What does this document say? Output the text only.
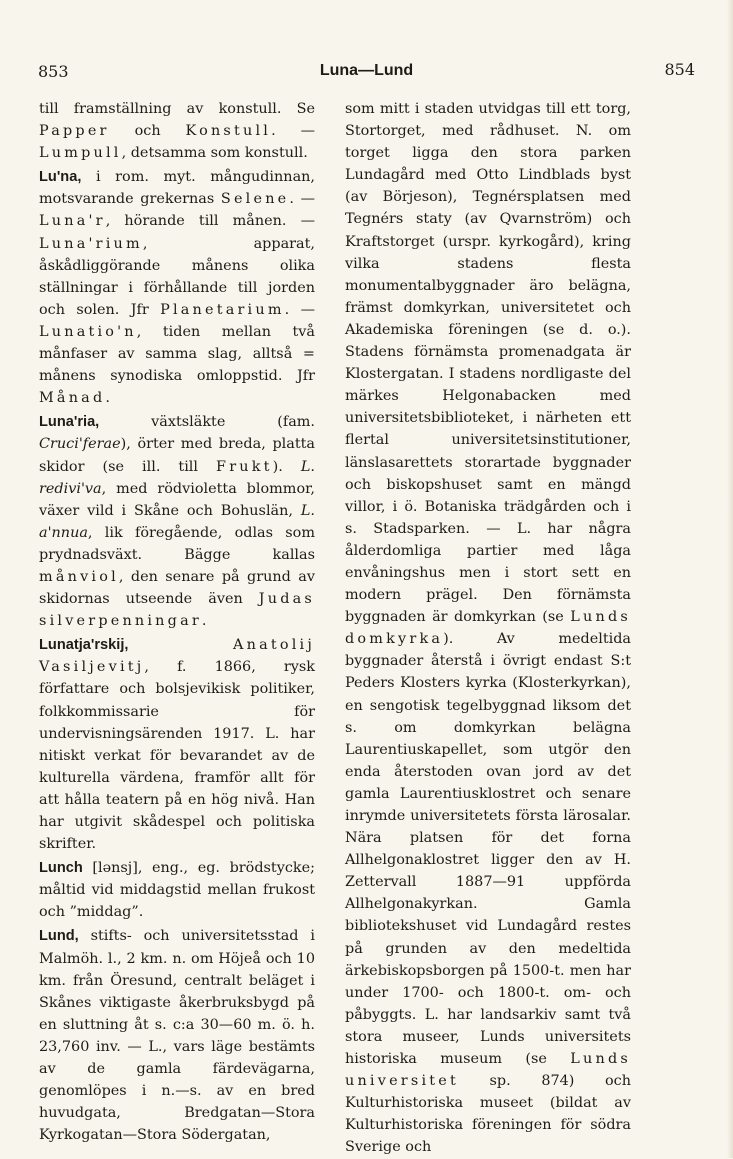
853	Luna—Lund	854

till framställning av konstull. Se Papper och Konstull. — Lumpull, detsamma som konstull.

Lu'na, i rom. myt. mångudinnan, motsvarande grekernas Selene. — Luna'r, hörande till månen. — Luna'rium, apparat, åskådliggörande månens olika ställningar i förhållande till jorden och solen. Jfr Planetarium. — Lunatio'n, tiden mellan två månfaser av samma slag, alltså = månens synodiska omloppstid. Jfr Månad.

Luna'ria, växtsläkte (fam. Cruci'ferae), örter med breda, platta skidor (se ill. till Frukt). L. redivi'va, med rödvioletta blommor, växer vild i Skåne och Bohuslän, L. a'nnua, lik föregående, odlas som prydnadsväxt. Bägge kallas månviol, den senare på grund av skidornas utseende även Judas silverpenningar.

Lunatja'rskij,	Anatolij Vasiljevitj, f. 1866, rysk författare och bolsjevikisk politiker, folkkommissarie för undervisningsärenden 1917. L. har nitiskt verkat för bevarandet av de kulturella värdena, framför allt för att hålla teatern på en hög nivå. Han har utgivit skådespel och politiska skrifter.

Lunch [lənsj], eng., eg. brödstycke; måltid vid middagstid mellan frukost och ”middag”.

Lund, stifts- och universitetsstad i Malmöh. l., 2 km. n. om Höjeå och 10 km. från Öresund, centralt beläget i Skånes viktigaste åkerbruksbygd på en sluttning åt s. c:a 30—60 m. ö. h. 23,760 inv. — L., vars läge bestämts av de gamla färdevägarna, genomlöpes i n.—s. av en bred huvudgata, Bredgatan—Stora Kyrkogatan—Stora Södergatan,

som mitt i staden utvidgas till ett torg, Stortorget, med rådhuset. N. om torget ligga den stora parken Lundagård med Otto Lindblads byst (av Börjeson), Tegnérsplatsen med Tegnérs staty (av Qvarnström) och Kraftstorget (urspr. kyrkogård), kring vilka stadens flesta monumentalbyggnader äro belägna, främst domkyrkan, universitetet och Akademiska föreningen (se d. o.). Stadens förnämsta promenadgata är Klostergatan. I stadens nordligaste del märkes Helgonabacken med universitetsbiblioteket, i närheten ett flertal universitetsinstitutioner, länslasarettets storartade byggnader och biskopshuset samt en mängd villor, i ö. Botaniska trädgården och i s. Stadsparken. — L. har några ålderdomliga partier med låga envåningshus men i stort sett en modern prägel. Den förnämsta byggnaden är domkyrkan (se Lunds domkyrka). Av medeltida byggnader återstå i övrigt endast S:t Peders Klosters kyrka (Klosterkyrkan), en sengotisk tegelbyggnad liksom det s. om domkyrkan belägna Laurentiuskapellet, som utgör den enda återstoden ovan jord av det gamla Laurentiusklostret och senare inrymde universitetets första lärosalar. Nära platsen för det forna Allhelgonaklostret ligger den av H. Zettervall 1887—91 uppförda Allhelgonakyrkan. Gamla bibliotekshuset vid Lundagård restes på grunden av den medeltida ärkebiskopsborgen på 1500-t. men har under 1700- och 1800-t. om- och påbyggts. L. har landsarkiv samt två stora museer, Lunds universitets historiska museum (se Lunds universitet sp. 874) och Kulturhistoriska museet (bildat av Kulturhistoriska föreningen för södra Sverige och
